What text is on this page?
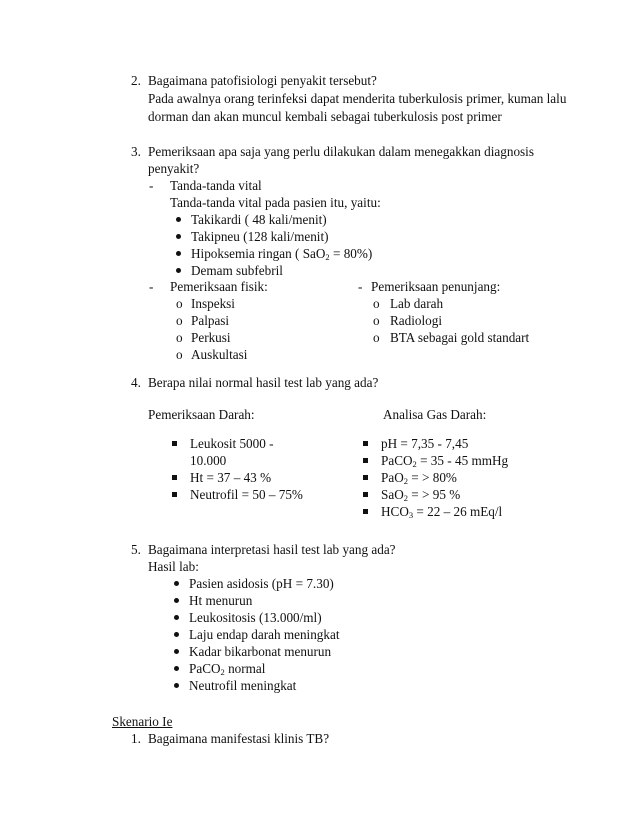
2. Bagaimana patofisiologi penyakit tersebut?
Pada awalnya orang terinfeksi dapat menderita tuberkulosis primer, kuman lalu
dorman dan akan muncul kembali sebagai tuberkulosis post primer
3. Pemeriksaan apa saja yang perlu dilakukan dalam menegakkan diagnosis
penyakit?
- Tanda-tanda vital
Tanda-tanda vital pada pasien itu, yaitu:
Takikardi ( 48 kali/menit)
Takipneu (128 kali/menit)
Hipoksemia ringan ( SaO$_2$ = 80%)
Demam subfebril
- Pemeriksaan fisik:
o Inspeksi
o Palpasi
o Perkusi
o Auskultasi
- Pemeriksaan penunjang:
o Lab darah
o Radiologi
o BTA sebagai gold standart
4. Berapa nilai normal hasil test lab yang ada?
Pemeriksaan Darah:	Analisa Gas Darah:
Leukosit 5000 -
10.000
Ht = 37 – 43 %
Neutrofil = 50 – 75%
pH = 7,35 - 7,45
PaCO$_2$ = 35 - 45 mmHg
PaO$_2$ = > 80%
SaO$_2$ = > 95 %
$HCO_3 = 22 - 26$ mEq/l
5. Bagaimana interpretasi hasil test lab yang ada?
Hasil lab:
Pasien asidosis (pH = 7.30)
Ht menurun
Leukositosis (13.000/ml)
Laju endap darah meningkat
Kadar bikarbonat menurun
PaCO$_2$ normal
Neutrofil meningkat
Skenario Ie
1. Bagaimana manifestasi klinis TB?
